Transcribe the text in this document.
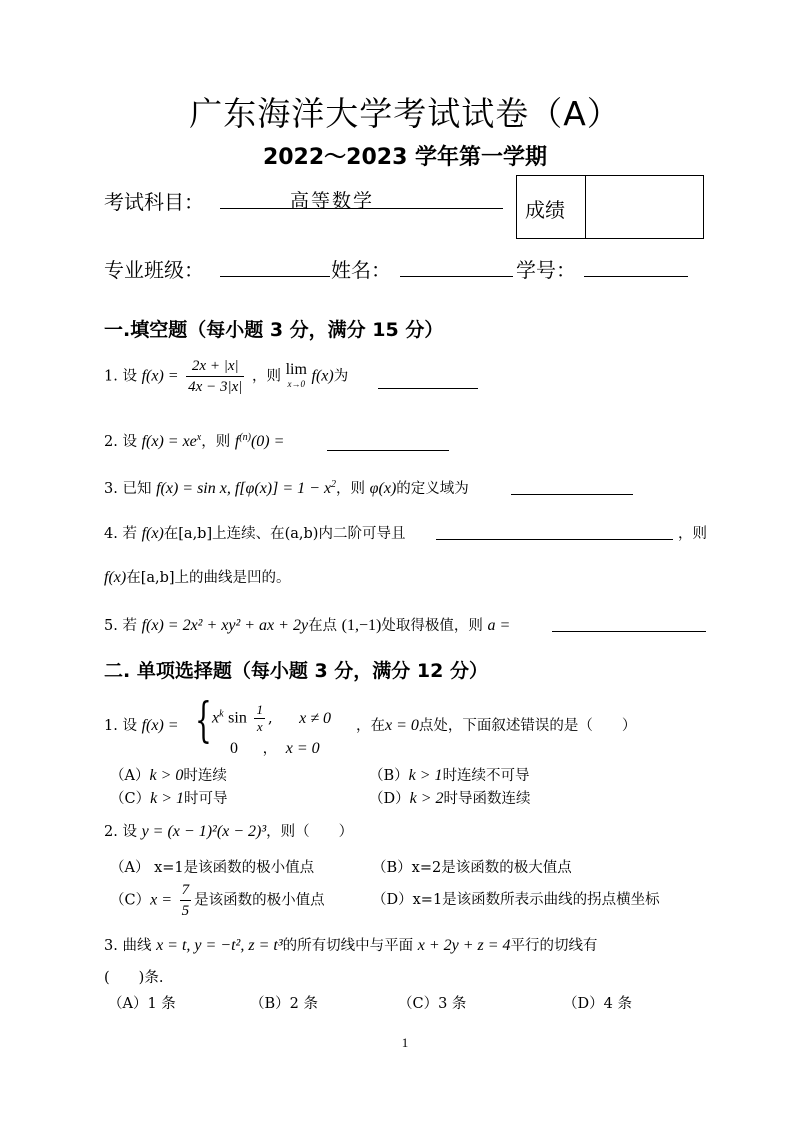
广东海洋大学考试试卷（A）
2022～2023 学年第一学期
考试科目：	高等数学	成绩
专业班级：	姓名：	学号：
一.填空题（每小题 3 分，满分 15 分）
1. 设 $f(x) = \frac{2x + |x|}{4x - 3|x|}$ ，则 lim
x→0 f(x)为
2. 设 $f(x) = xe^x$，则 $f^{(n)}(0)$ =
3. 已知 f(x) = sin x, $f[\varphi(x)] = 1 - x^2$，则 φ(x)的定义域为
4. 若 f(x)在[a,b]上连续、在(a,b)内二阶可导且	，则
f(x)在[a,b]上的曲线是凹的。
5. 若 f(x) = 2x² + xy² + ax + 2y在点 (1,−1)处取得极值，则 a =
二. 单项选择题（每小题 3 分，满分 12 分）
1. 设 f(x) = { $x^k$ $\sin \frac{1}{x}$ , x ≠ 0
0 ， x = 0
，在x = 0点处，下面叙述错误的是（　　）
（A）k > 0时连续	（B）k > 1时连续不可导
（C）k > 1时可导	（D）k > 2时导函数连续
2. 设 y = (x − 1)²(x − 2)³，则（　　）
（A） x=1是该函数的极小值点	（B）x=2是该函数的极大值点
$(C)x = \frac{7}{5}$ 是该函数的极小值点	（D）x=1是该函数所表示曲线的拐点横坐标
3. 曲线 x = t, y = −t², z = t³的所有切线中与平面 x + 2y + z = 4平行的切线有
(　　)条.
（A）1 条	（B）2 条	（C）3 条	（D）4 条
1
